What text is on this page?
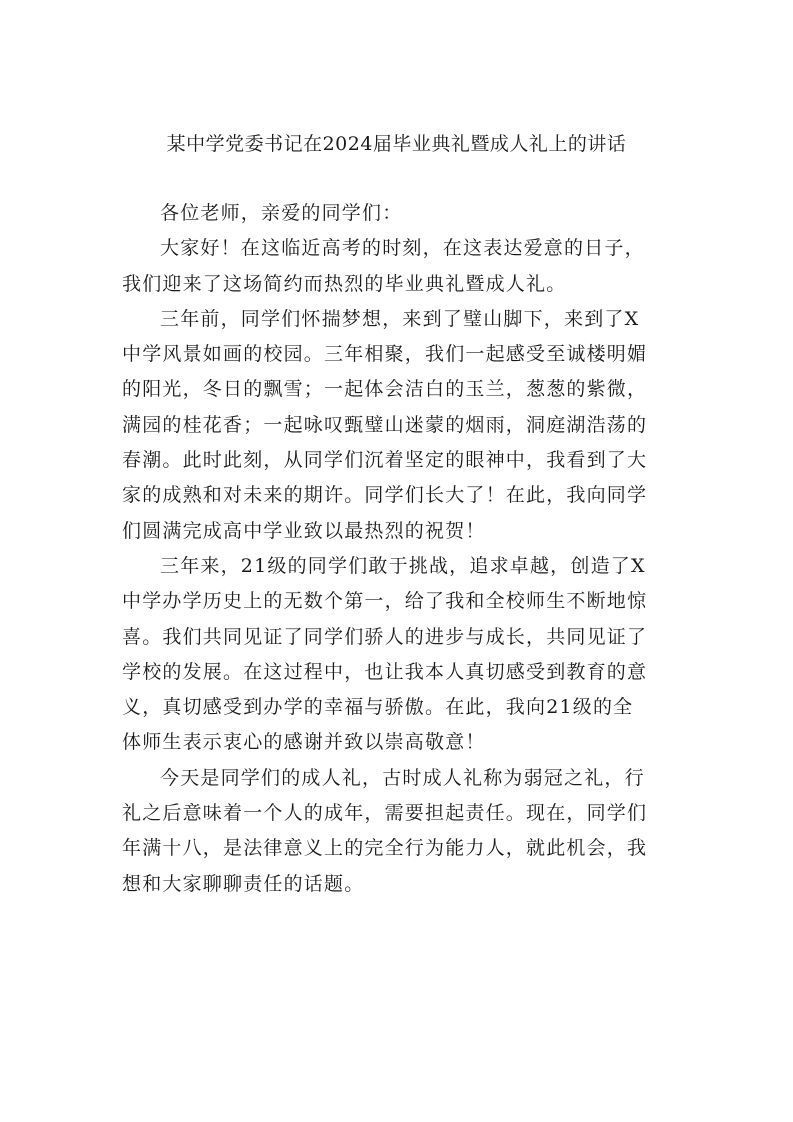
某中学党委书记在2024届毕业典礼暨成人礼上的讲话

各位老师，亲爱的同学们：

大家好！在这临近高考的时刻，在这表达爱意的日子，
我们迎来了这场简约而热烈的毕业典礼暨成人礼。

三年前，同学们怀揣梦想，来到了璧山脚下，来到了X
中学风景如画的校园。三年相聚，我们一起感受至诚楼明媚
的阳光，冬日的飘雪；一起体会洁白的玉兰，葱葱的紫微，
满园的桂花香；一起咏叹甄璧山迷蒙的烟雨，洞庭湖浩荡的
春潮。此时此刻，从同学们沉着坚定的眼神中，我看到了大
家的成熟和对未来的期许。同学们长大了！在此，我向同学
们圆满完成高中学业致以最热烈的祝贺！

三年来，21级的同学们敢于挑战，追求卓越，创造了X
中学办学历史上的无数个第一，给了我和全校师生不断地惊
喜。我们共同见证了同学们骄人的进步与成长，共同见证了
学校的发展。在这过程中，也让我本人真切感受到教育的意
义，真切感受到办学的幸福与骄傲。在此，我向21级的全
体师生表示衷心的感谢并致以崇高敬意！

今天是同学们的成人礼，古时成人礼称为弱冠之礼，行
礼之后意味着一个人的成年，需要担起责任。现在，同学们
年满十八，是法律意义上的完全行为能力人，就此机会，我
想和大家聊聊责任的话题。
